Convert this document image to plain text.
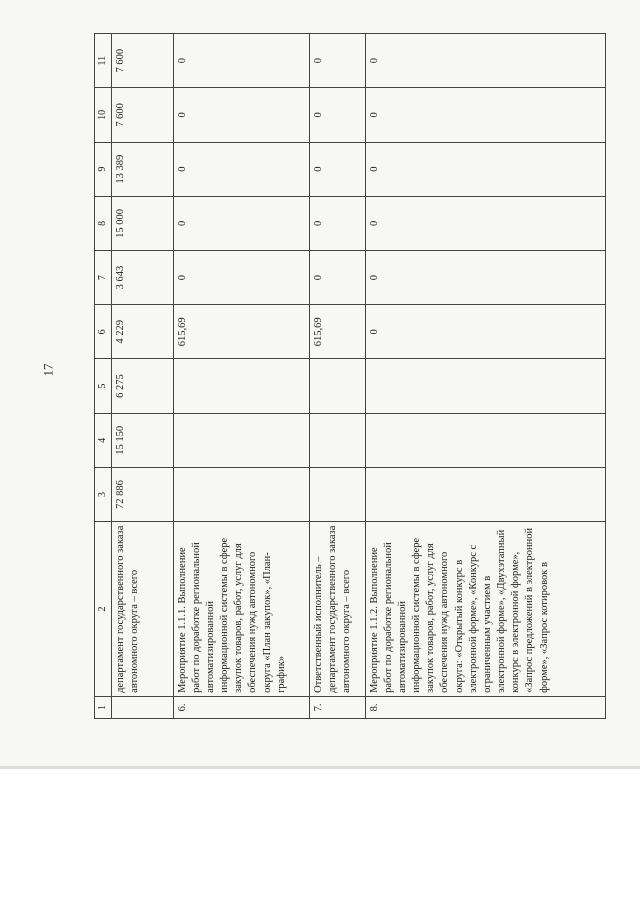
17
1	2	3	4	5	6	7	8	9	10	11
	департамент государственного заказа автономного округа – всего	72 886	15 150	6 275	4 229	3 643	15 000	13 389	7 600	7 600
6.	Мероприятие 1.1.1. Выполнение работ по доработке региональной автоматизированной информационной системы в сфере закупок товаров, работ, услуг для обеспечения нужд автономного округа «План закупок», «План-график»				615,69	0	0	0	0	0
7.	Ответственный исполнитель – департамент государственного заказа автономного округа – всего				615,69	0	0	0	0	0
8.	Мероприятие 1.1.2. Выполнение работ по доработке региональной автоматизированной информационной системы в сфере закупок товаров, работ, услуг для обеспечения нужд автономного округа: «Открытый конкурс в электронной форме», «Конкурс с ограниченным участием в электронной форме», «Двухэтапный конкурс в электронной форме», «Запрос предложений в электронной форме», «Запрос котировок в				0	0	0	0	0	0
